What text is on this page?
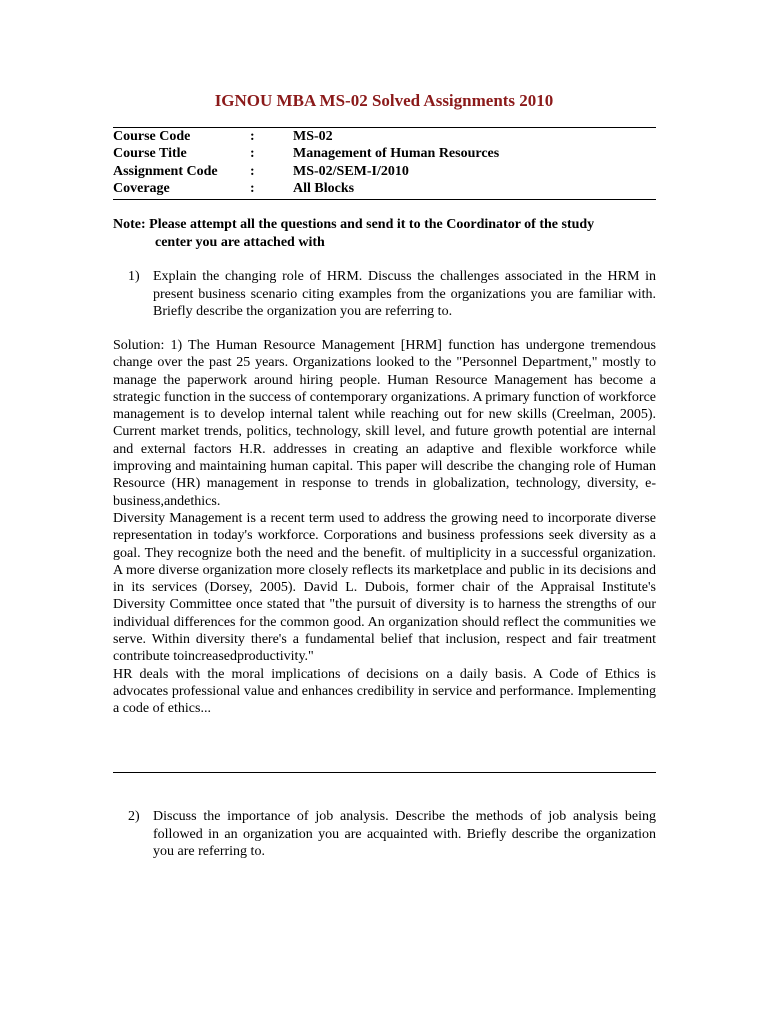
IGNOU MBA MS-02 Solved Assignments 2010
Course Code	:	MS-02
Course Title	:	Management of Human Resources
Assignment Code	:	MS-02/SEM-I/2010
Coverage	:	All Blocks

Note: Please attempt all the questions and send it to the Coordinator of the study
center you are attached with

1) Explain the changing role of HRM. Discuss the challenges associated in the HRM in present business scenario citing examples from the organizations you are familiar with. Briefly describe the organization you are referring to.

Solution: 1) The Human Resource Management [HRM] function has undergone tremendous change over the past 25 years. Organizations looked to the "Personnel Department," mostly to manage the paperwork around hiring people. Human Resource Management has become a strategic function in the success of contemporary organizations. A primary function of workforce management is to develop internal talent while reaching out for new skills (Creelman, 2005). Current market trends, politics, technology, skill level, and future growth potential are internal and external factors H.R. addresses in creating an adaptive and flexible workforce while improving and maintaining human capital. This paper will describe the changing role of Human Resource (HR) management in response to trends in globalization, technology, diversity, e-business,andethics.

Diversity Management is a recent term used to address the growing need to incorporate diverse representation in today's workforce. Corporations and business professions seek diversity as a goal. They recognize both the need and the benefit. of multiplicity in a successful organization. A more diverse organization more closely reflects its marketplace and public in its decisions and in its services (Dorsey, 2005). David L. Dubois, former chair of the Appraisal Institute's Diversity Committee once stated that "the pursuit of diversity is to harness the strengths of our individual differences for the common good. An organization should reflect the communities we serve. Within diversity there's a fundamental belief that inclusion, respect and fair treatment contribute toincreasedproductivity."

HR deals with the moral implications of decisions on a daily basis. A Code of Ethics is advocates professional value and enhances credibility in service and performance. Implementing a code of ethics...

2) Discuss the importance of job analysis. Describe the methods of job analysis being followed in an organization you are acquainted with. Briefly describe the organization you are referring to.
